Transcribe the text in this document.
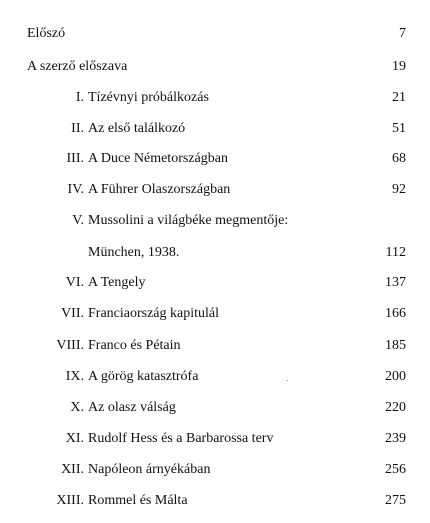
Előszó	7
A szerző előszava	19
I. Tízévnyi próbálkozás	21
II. Az első találkozó	51
III. A Duce Németországban	68
IV. A Führer Olaszországban	92
V. Mussolini a világbéke megmentője:
München, 1938.	112
VI. A Tengely	137
VII. Franciaország kapitulál	166
VIII. Franco és Pétain	185
IX. A görög katasztrófa	200
X. Az olasz válság	220
XI. Rudolf Hess és a Barbarossa terv	239
XII. Napóleon árnyékában	256
XIII. Rommel és Málta	275
